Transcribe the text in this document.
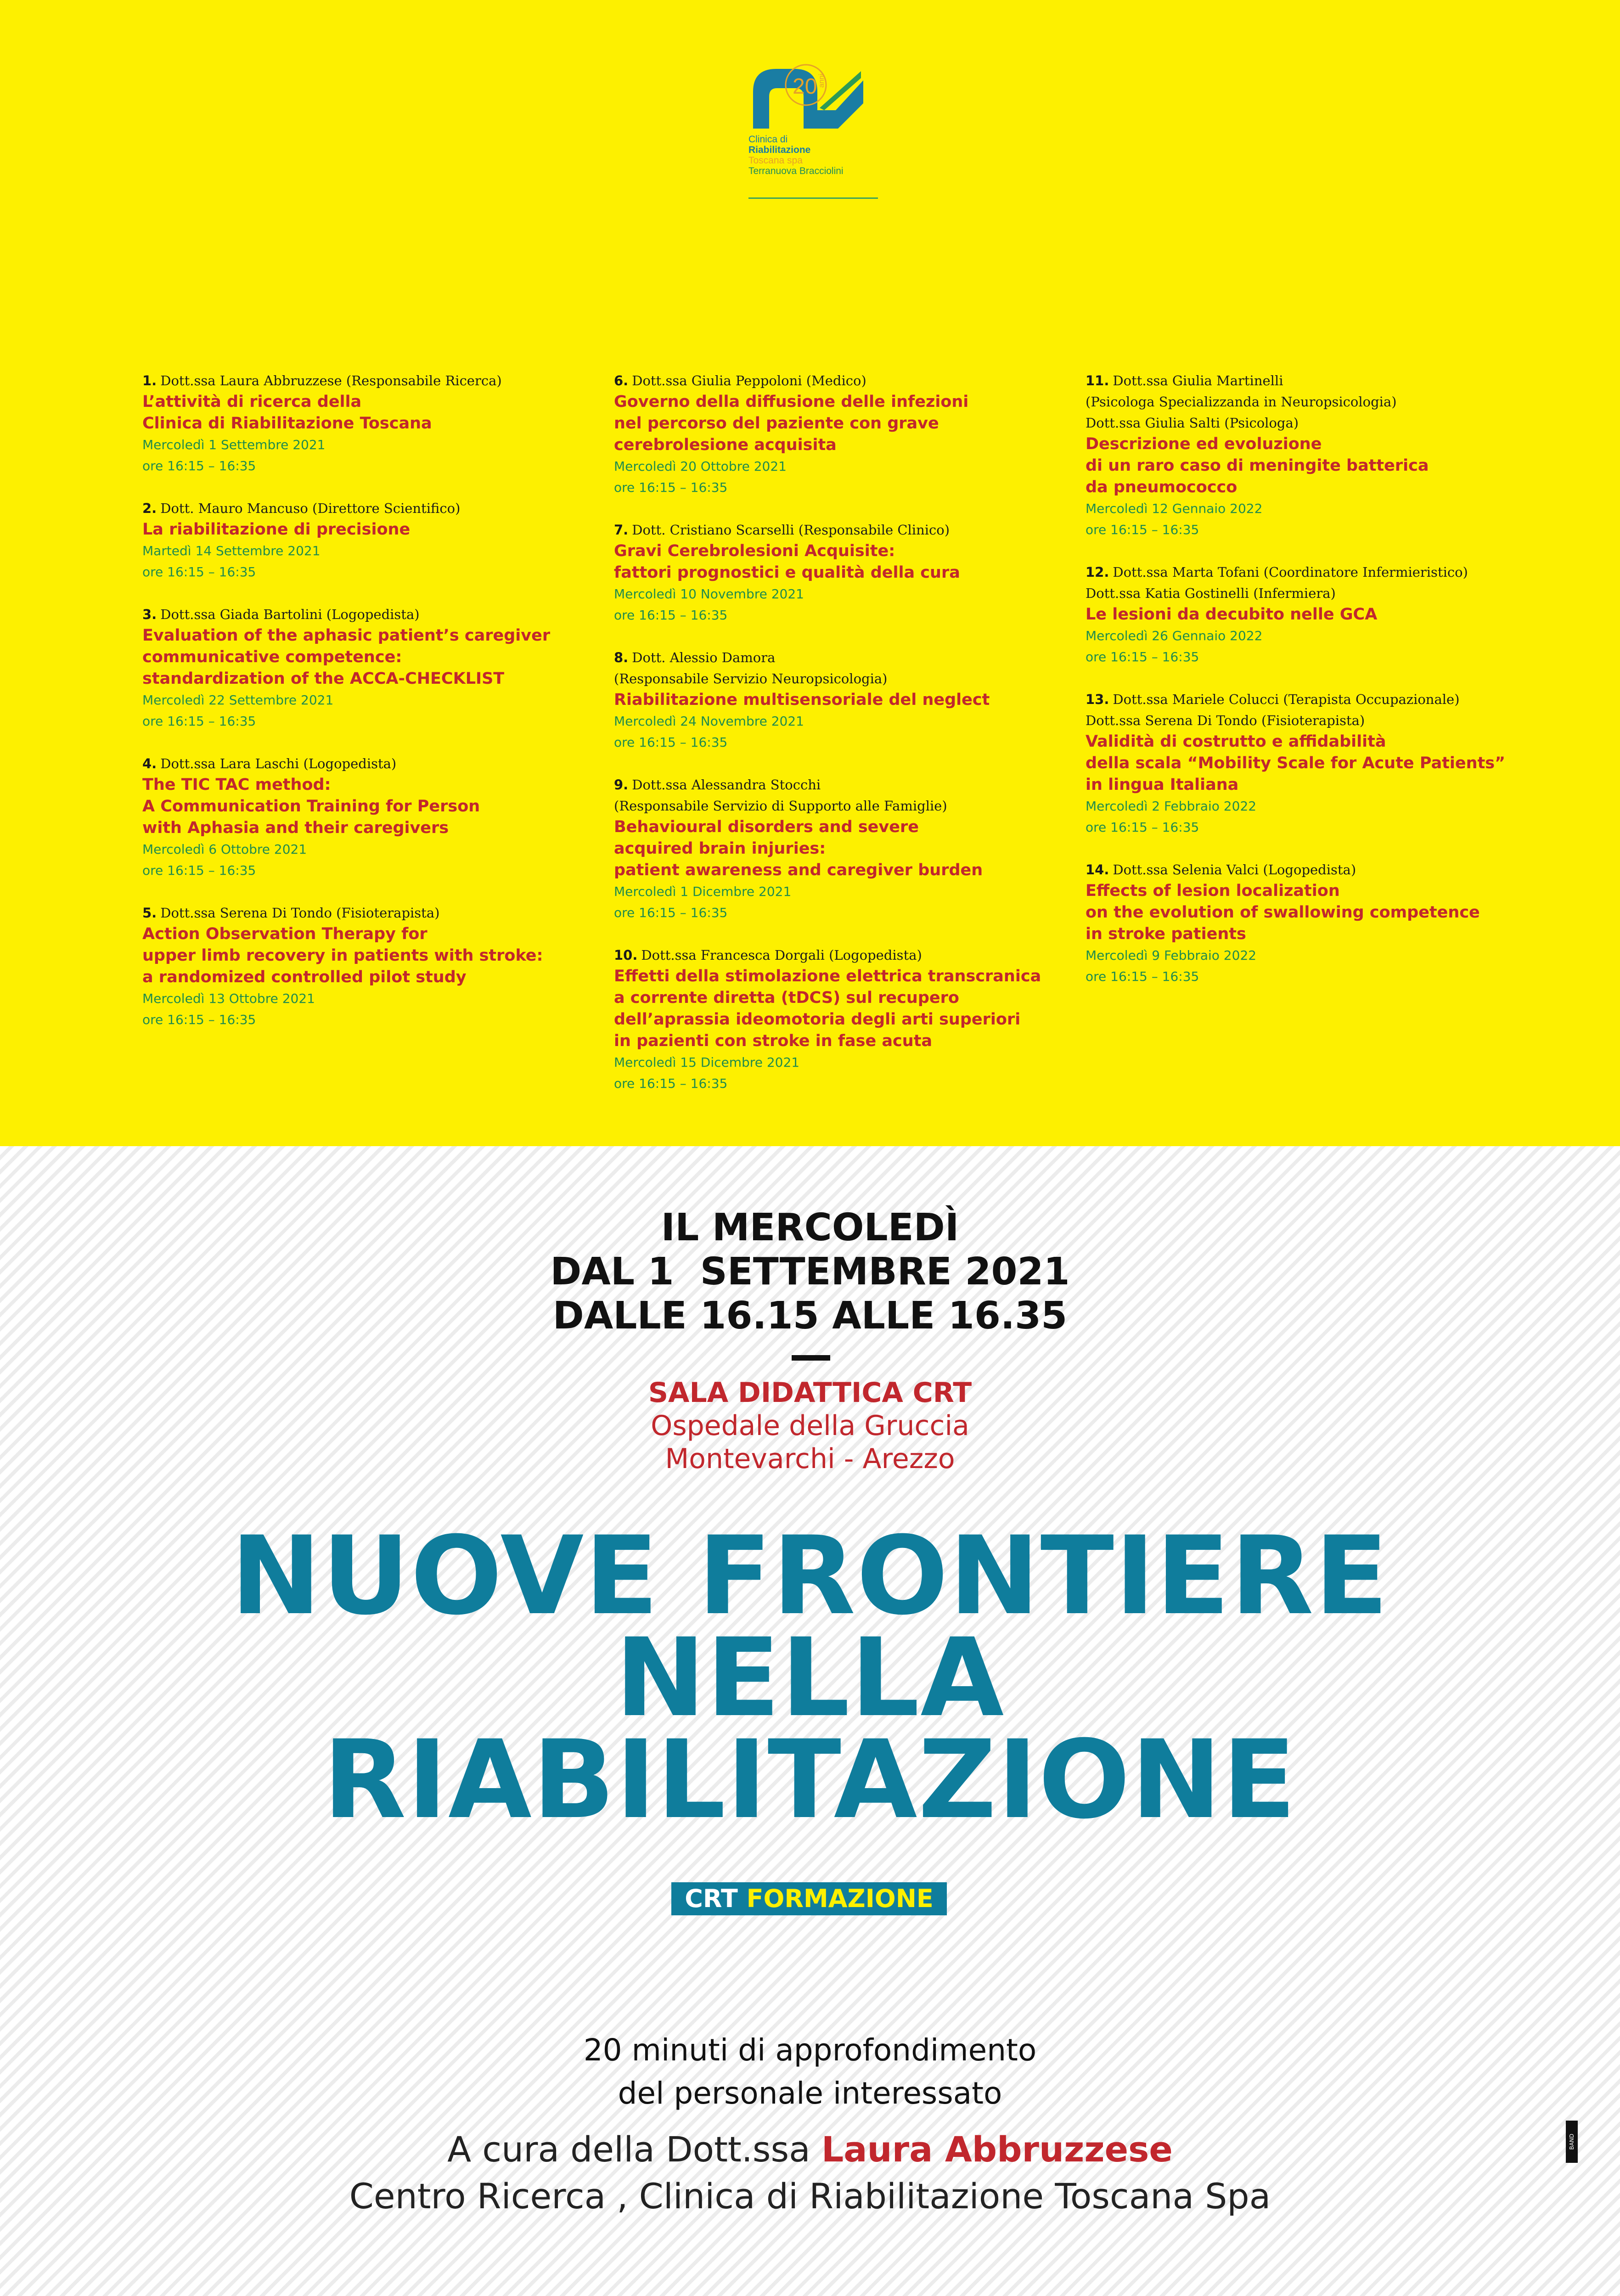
20 anni
Clinica di
Riabilitazione
Toscana spa
Terranuova Bracciolini
1. Dott.ssa Laura Abbruzzese (Responsabile Ricerca)
L’attività di ricerca della
Clinica di Riabilitazione Toscana
Mercoledì 1 Settembre 2021
ore 16:15 – 16:35
2. Dott. Mauro Mancuso (Direttore Scientifico)
La riabilitazione di precisione
Martedì 14 Settembre 2021
ore 16:15 – 16:35
3. Dott.ssa Giada Bartolini (Logopedista)
Evaluation of the aphasic patient’s caregiver
communicative competence:
standardization of the ACCA-CHECKLIST
Mercoledì 22 Settembre 2021
ore 16:15 – 16:35
4. Dott.ssa Lara Laschi (Logopedista)
The TIC TAC method:
A Communication Training for Person
with Aphasia and their caregivers
Mercoledì 6 Ottobre 2021
ore 16:15 – 16:35
5. Dott.ssa Serena Di Tondo (Fisioterapista)
Action Observation Therapy for
upper limb recovery in patients with stroke:
a randomized controlled pilot study
Mercoledì 13 Ottobre 2021
ore 16:15 – 16:35
6. Dott.ssa Giulia Peppoloni (Medico)
Governo della diffusione delle infezioni
nel percorso del paziente con grave
cerebrolesione acquisita
Mercoledì 20 Ottobre 2021
ore 16:15 – 16:35
7. Dott. Cristiano Scarselli (Responsabile Clinico)
Gravi Cerebrolesioni Acquisite:
fattori prognostici e qualità della cura
Mercoledì 10 Novembre 2021
ore 16:15 – 16:35
8. Dott. Alessio Damora
(Responsabile Servizio Neuropsicologia)
Riabilitazione multisensoriale del neglect
Mercoledì 24 Novembre 2021
ore 16:15 – 16:35
9. Dott.ssa Alessandra Stocchi
(Responsabile Servizio di Supporto alle Famiglie)
Behavioural disorders and severe
acquired brain injuries:
patient awareness and caregiver burden
Mercoledì 1 Dicembre 2021
ore 16:15 – 16:35
10. Dott.ssa Francesca Dorgali (Logopedista)
Effetti della stimolazione elettrica transcranica
a corrente diretta (tDCS) sul recupero
dell’aprassia ideomotoria degli arti superiori
in pazienti con stroke in fase acuta
Mercoledì 15 Dicembre 2021
ore 16:15 – 16:35
11. Dott.ssa Giulia Martinelli
(Psicologa Specializzanda in Neuropsicologia)
Dott.ssa Giulia Salti (Psicologa)
Descrizione ed evoluzione
di un raro caso di meningite batterica
da pneumococco
Mercoledì 12 Gennaio 2022
ore 16:15 – 16:35
12. Dott.ssa Marta Tofani (Coordinatore Infermieristico)
Dott.ssa Katia Gostinelli (Infermiera)
Le lesioni da decubito nelle GCA
Mercoledì 26 Gennaio 2022
ore 16:15 – 16:35
13. Dott.ssa Mariele Colucci (Terapista Occupazionale)
Dott.ssa Serena Di Tondo (Fisioterapista)
Validità di costrutto e affidabilità
della scala “Mobility Scale for Acute Patients”
in lingua Italiana
Mercoledì 2 Febbraio 2022
ore 16:15 – 16:35
14. Dott.ssa Selenia Valci (Logopedista)
Effects of lesion localization
on the evolution of swallowing competence
in stroke patients
Mercoledì 9 Febbraio 2022
ore 16:15 – 16:35
IL MERCOLEDÌ
DAL 1  SETTEMBRE 2021
DALLE 16.15 ALLE 16.35
SALA DIDATTICA CRT
Ospedale della Gruccia
Montevarchi - Arezzo
NUOVE FRONTIERE
NELLA
RIABILITAZIONE
CRT FORMAZIONE
20 minuti di approfondimento
del personale interessato
A cura della Dott.ssa Laura Abbruzzese
Centro Ricerca , Clinica di Riabilitazione Toscana Spa
BAND
